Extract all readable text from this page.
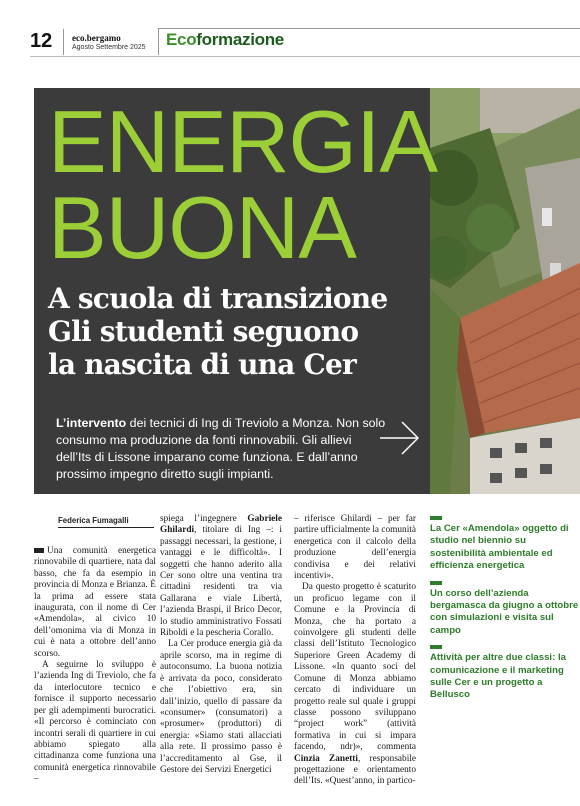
12 eco.bergamo
Agosto Settembre 2025 Ecoformazione
ENERGIA
BUONA
A scuola di transizione
Gli studenti seguono
la nascita di una Cer
L’intervento dei tecnici di Ing di Treviolo a Monza. Non solo consumo ma produzione da fonti rinnovabili. Gli allievi dell’Its di Lissone imparano come funziona. E dall’anno prossimo impegno diretto sugli impianti.
Federica Fumagalli

Una comunità energetica rinnovabile di quartiere, nata dal basso, che fa da esempio in provincia di Monza e Brianza. È la prima ad essere stata inaugurata, con il nome di Cer «Amendola», al civico 10 dell’omonima via di Monza in cui è nata a ottobre dell’anno scorso.

A seguirne lo sviluppo è l’azienda Ing di Treviolo, che fa da interlocutore tecnico e fornisce il supporto necessario per gli adempimenti burocratici. «Il percorso è cominciato con incontri serali di quartiere in cui abbiamo spiegato alla cittadinanza come funziona una comunità energetica rinnovabile –

spiega l’ingegnere Gabriele Ghilardi, titolare di Ing –: i passaggi necessari, la gestione, i vantaggi e le difficoltà». I soggetti che hanno aderito alla Cer sono oltre una ventina tra cittadini residenti tra via Gallarana e viale Libertà, l’azienda Braspi, il Brico Decor, lo studio amministrativo Fossati Riboldi e la pescheria Corallo.

La Cer produce energia già da aprile scorso, ma in regime di autoconsumo. La buona notizia è arrivata da poco, considerato che l’obiettivo era, sin dall’inizio, quello di passare da «consumer» (consumatori) a «prosumer» (produttori) di energia: «Siamo stati allacciati alla rete. Il prossimo passo è l’accreditamento al Gse, il Gestore dei Servizi Energetici

– riferisce Ghilardi – per far partire ufficialmente la comunità energetica con il calcolo della produzione dell’energia condivisa e dei relativi incentivi».

Da questo progetto è scaturito un proficuo legame con il Comune e la Provincia di Monza, che ha portato a coinvolgere gli studenti delle classi dell’Istituto Tecnologico Superiore Green Academy di Lissone. «In quanto soci del Comune di Monza abbiamo cercato di individuare un progetto reale sul quale i gruppi classe possono sviluppano “project work” (attività formativa in cui si impara facendo, ndr)», commenta Cinzia Zanetti, responsabile progettazione e orientamento dell’Its. «Quest’anno, in partico-

La Cer «Amendola» oggetto di studio nel biennio su sostenibilità ambientale ed efficienza energetica
Un corso dell’azienda bergamasca da giugno a ottobre con simulazioni e visita sul campo
Attività per altre due classi: la comunicazione e il marketing sulle Cer e un progetto a Bellusco
